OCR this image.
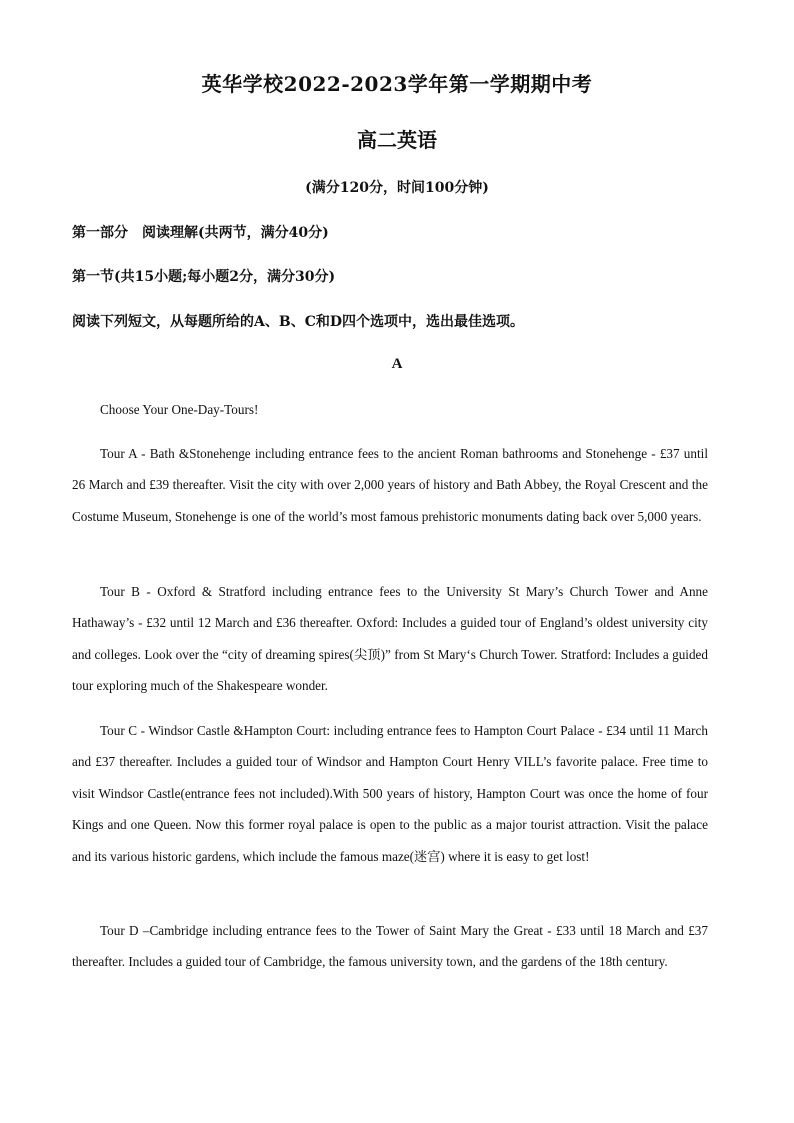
英华学校2022-2023学年第一学期期中考
高二英语
(满分120分，时间100分钟)
第一部分　阅读理解(共两节，满分40分)
第一节(共15小题;每小题2分，满分30分)
阅读下列短文，从每题所给的A、B、C和D四个选项中，选出最佳选项。
A

Choose Your One-Day-Tours!

Tour A - Bath &Stonehenge including entrance fees to the ancient Roman bathrooms and Stonehenge - £37 until 26 March and £39 thereafter. Visit the city with over 2,000 years of history and Bath Abbey, the Royal Crescent and the Costume Museum, Stonehenge is one of the world’s most famous prehistoric monuments dating back over 5,000 years.

Tour B - Oxford & Stratford including entrance fees to the University St Mary’s Church Tower and Anne Hathaway’s - £32 until 12 March and £36 thereafter. Oxford: Includes a guided tour of England’s oldest university city and colleges. Look over the “city of dreaming spires(尖顶)” from St Mary‘s Church Tower. Stratford: Includes a guided tour exploring much of the Shakespeare wonder.

Tour C - Windsor Castle &Hampton Court: including entrance fees to Hampton Court Palace - £34 until 11 March and £37 thereafter. Includes a guided tour of Windsor and Hampton Court Henry VILL’s favorite palace. Free time to visit Windsor Castle(entrance fees not included).With 500 years of history, Hampton Court was once the home of four Kings and one Queen. Now this former royal palace is open to the public as a major tourist attraction. Visit the palace and its various historic gardens, which include the famous maze(迷宫) where it is easy to get lost!

Tour D –Cambridge including entrance fees to the Tower of Saint Mary the Great - £33 until 18 March and £37 thereafter. Includes a guided tour of Cambridge, the famous university town, and the gardens of the 18th century.
